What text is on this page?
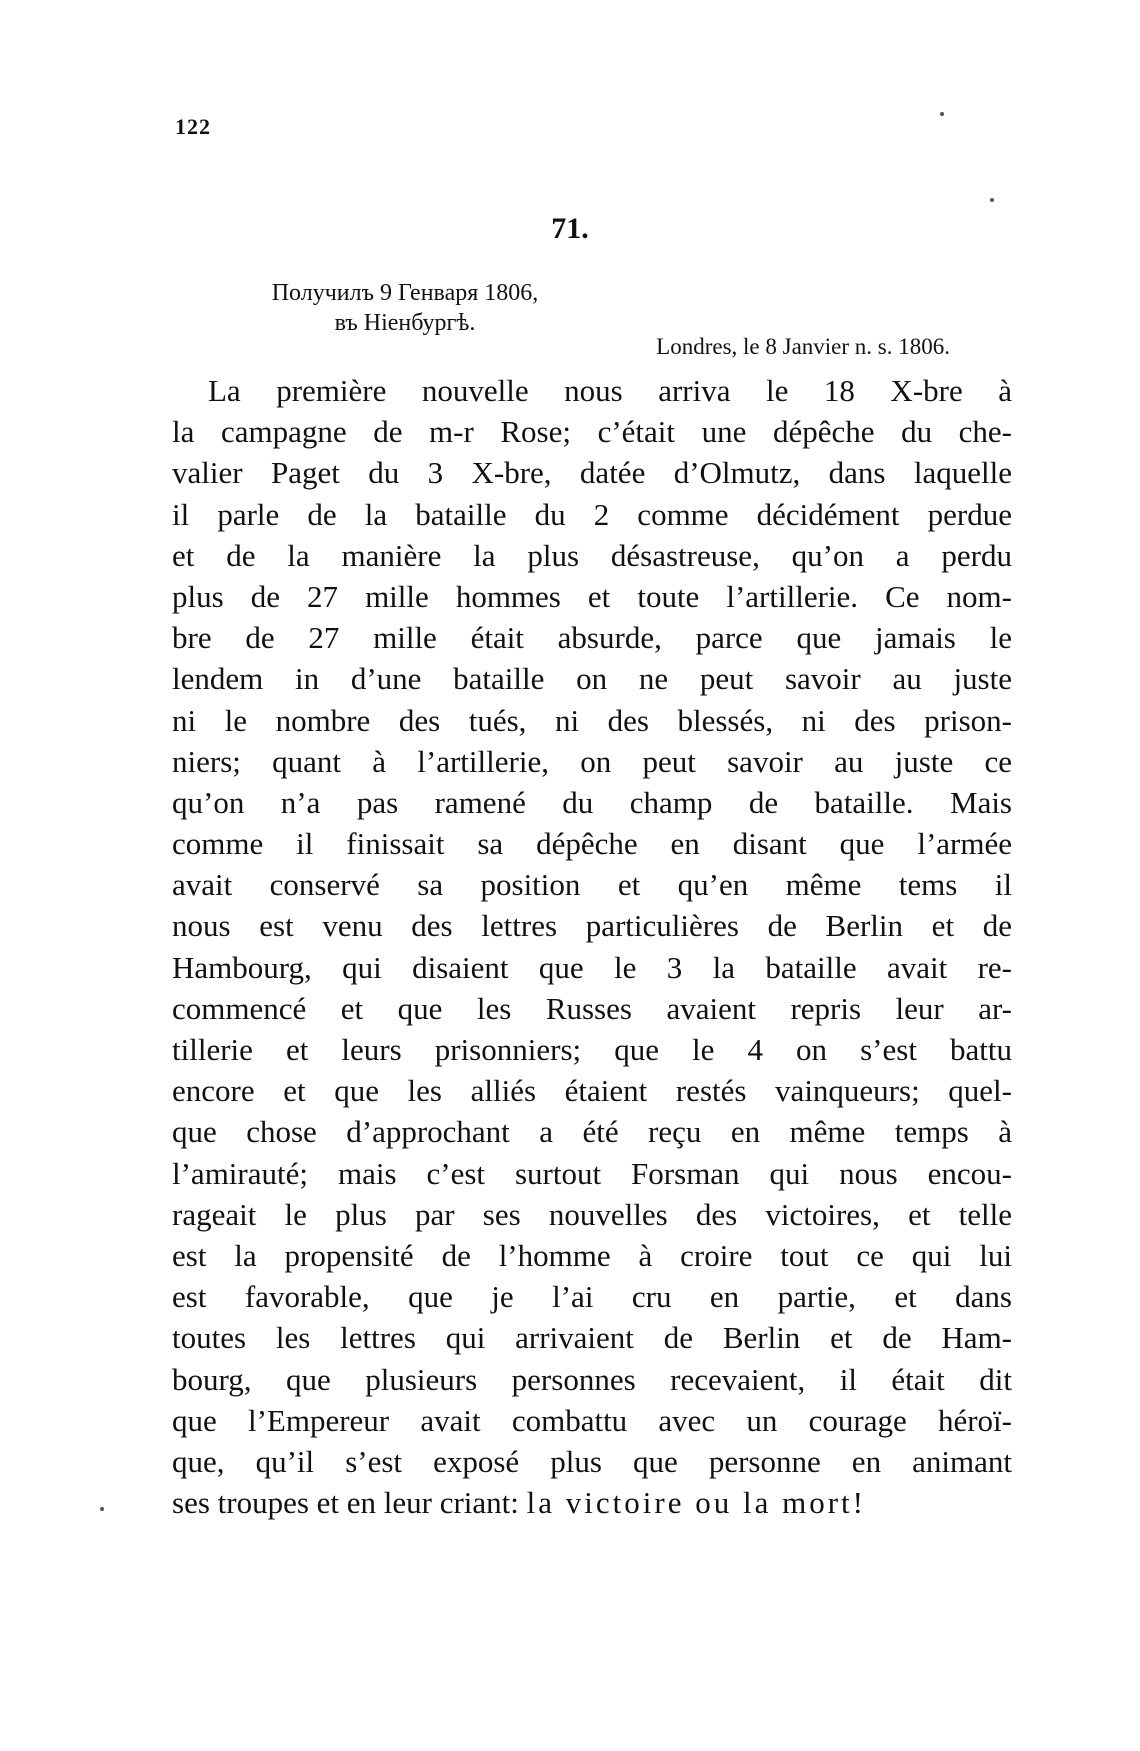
122
71.
Получилъ 9 Генваря 1806,
въ Ніенбургѣ.
Londres, le 8 Janvier n. s. 1806.
La première nouvelle nous arriva le 18 X-bre à
la campagne de m-r Rose; c’était une dépêche du che-
valier Paget du 3 X-bre, datée d’Olmutz, dans laquelle
il parle de la bataille du 2 comme décidément perdue
et de la manière la plus désastreuse, qu’on a perdu
plus de 27 mille hommes et toute l’artillerie. Ce nom-
bre de 27 mille était absurde, parce que jamais le
lendem in d’une bataille on ne peut savoir au juste
ni le nombre des tués, ni des blessés, ni des prison-
niers; quant à l’artillerie, on peut savoir au juste ce
qu’on n’a pas ramené du champ de bataille. Mais
comme il finissait sa dépêche en disant que l’armée
avait conservé sa position et qu’en même tems il
nous est venu des lettres particulières de Berlin et de
Hambourg, qui disaient que le 3 la bataille avait re-
commencé et que les Russes avaient repris leur ar-
tillerie et leurs prisonniers; que le 4 on s’est battu
encore et que les alliés étaient restés vainqueurs; quel-
que chose d’approchant a été reçu en même temps à
l’amirauté; mais c’est surtout Forsman qui nous encou-
rageait le plus par ses nouvelles des victoires, et telle
est la propensité de l’homme à croire tout ce qui lui
est favorable, que je l’ai cru en partie, et dans
toutes les lettres qui arrivaient de Berlin et de Ham-
bourg, que plusieurs personnes recevaient, il était dit
que l’Empereur avait combattu avec un courage héroï-
que, qu’il s’est exposé plus que personne en animant
ses troupes et en leur criant: la victoire ou la mort!
